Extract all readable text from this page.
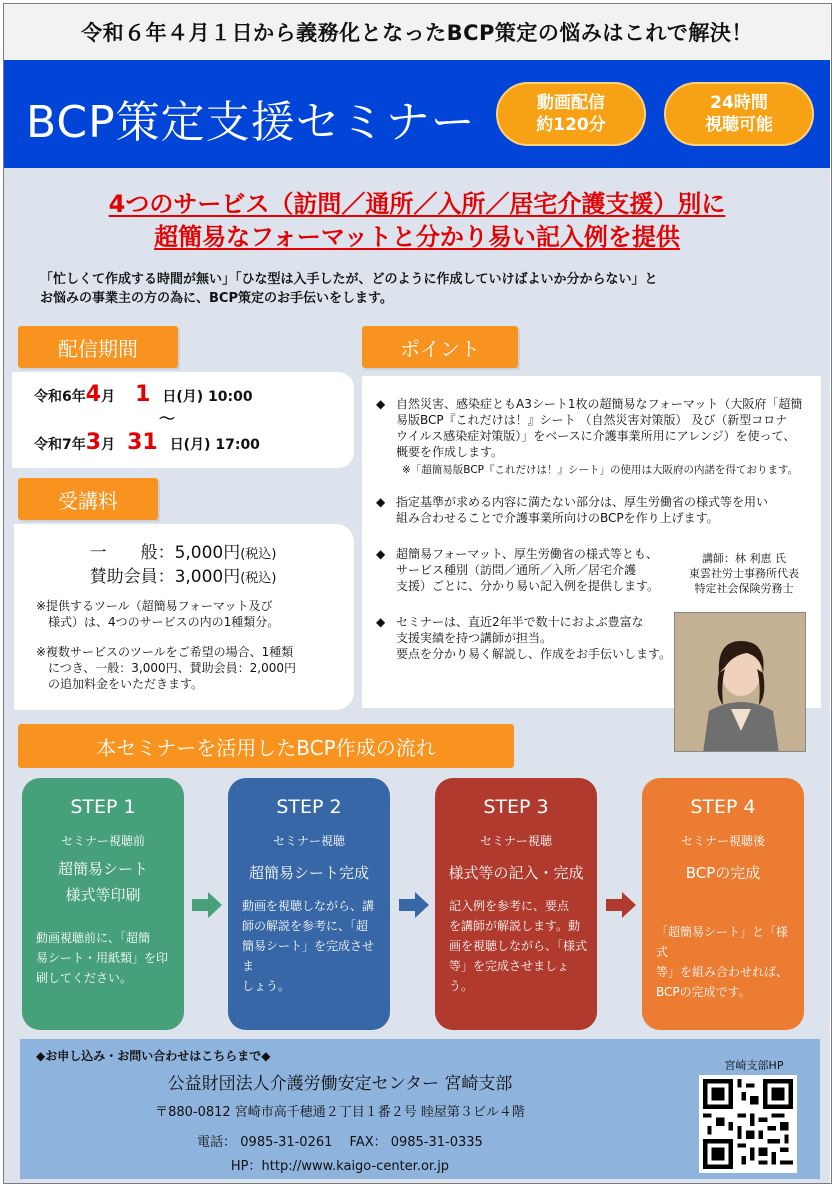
令和６年４月１日から義務化となったBCP策定の悩みはこれで解決！
BCP策定支援セミナー	動画配信
約120分
24時間
視聴可能
4つのサービス（訪問／通所／入所／居宅介護支援）別に
超簡易なフォーマットと分かり易い記入例を提供
「忙しくて作成する時間が無い」「ひな型は入手したが、どのように作成していけばよいか分からない」と
お悩みの事業主の方の為に、BCP策定のお手伝いをします。
配信期間
令和6年4月 1 日(月) 10:00
令和7年3月 31 日(月) 17:00
～
受講料
一　　般：5,000円(税込)
賛助会員：3,000円(税込)
※提供するツール（超簡易フォーマット及び
　様式）は、4つのサービスの内の1種類分。
※複数サービスのツールをご希望の場合、1種類
　につき、一般：3,000円、賛助会員：2,000円
　の追加料金をいただきます。
ポイント
◆ 自然災害、感染症ともA3シート1枚の超簡易なフォーマット（大阪府「超簡
易版BCP『これだけは！』シート （自然災害対策版） 及び（新型コロナ
ウイルス感染症対策版）」をベースに介護事業所用にアレンジ）を使って、
概要を作成します。
※「超簡易版BCP『これだけは！』シート」の使用は大阪府の内諾を得ております。
◆ 指定基準が求める内容に満たない部分は、厚生労働省の様式等を用い
組み合わせることで介護事業所向けのBCPを作り上げます。
◆ 超簡易フォーマット、厚生労働省の様式等とも、
サービス種別（訪問／通所／入所／居宅介護
支援）ごとに、分かり易い記入例を提供します。
◆ セミナーは、直近2年半で数十におよぶ豊富な
支援実績を持つ講師が担当。
要点を分かり易く解説し、作成をお手伝いします。
講師：林 利恵 氏
東雲社労士事務所代表
特定社会保険労務士
本セミナーを活用したBCP作成の流れ
STEP 1
セミナー視聴前
超簡易シート
様式等印刷
動画視聴前に、「超簡
易シート・用紙類」を印
刷してください。
STEP 2
セミナー視聴
超簡易シート完成
動画を視聴しながら、講
師の解説を参考に、「超
簡易シート」を完成させま
しょう。
STEP 3
セミナー視聴
様式等の記入・完成
記入例を参考に、要点
を講師が解説します。動
画を視聴しながら、「様式
等」を完成させましょう。
STEP 4
セミナー視聴後
BCPの完成
「超簡易シート」と「様式
等」を組み合わせれば、
BCPの完成です。
◆お申し込み・お問い合わせはこちらまで◆
公益財団法人介護労働安定センター 宮崎支部
〒880-0812 宮崎市高千穂通２丁目１番２号 睦屋第３ビル４階
電話： 0985-31-0261　 FAX： 0985-31-0335
HP：http://www.kaigo-center.or.jp
宮崎支部HP
